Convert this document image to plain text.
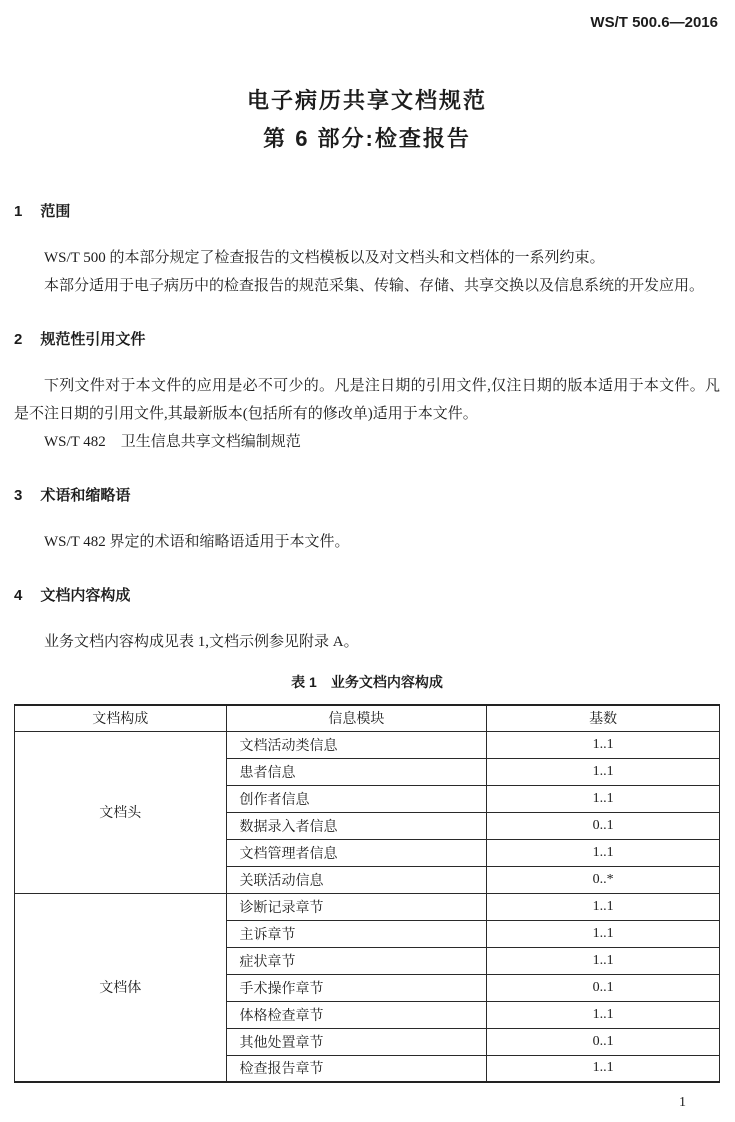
WS/T 500.6—2016
电子病历共享文档规范
第 6 部分:检查报告
1 范围

WS/T 500 的本部分规定了检查报告的文档模板以及对文档头和文档体的一系列约束。

本部分适用于电子病历中的检查报告的规范采集、传输、存储、共享交换以及信息系统的开发应用。

2 规范性引用文件

下列文件对于本文件的应用是必不可少的。凡是注日期的引用文件,仅注日期的版本适用于本文件。凡是不注日期的引用文件,其最新版本(包括所有的修改单)适用于本文件。

WS/T 482　卫生信息共享文档编制规范

3 术语和缩略语

WS/T 482 界定的术语和缩略语适用于本文件。

4 文档内容构成

业务文档内容构成见表 1,文档示例参见附录 A。

表 1　业务文档内容构成
文档构成	信息模块	基数
文档头	文档活动类信息	1..1
	患者信息	1..1
	创作者信息	1..1
	数据录入者信息	0..1
	文档管理者信息	1..1
	关联活动信息	0..*
文档体	诊断记录章节	1..1
	主诉章节	1..1
	症状章节	1..1
	手术操作章节	0..1
	体格检查章节	1..1
	其他处置章节	0..1
	检查报告章节	1..1
1
